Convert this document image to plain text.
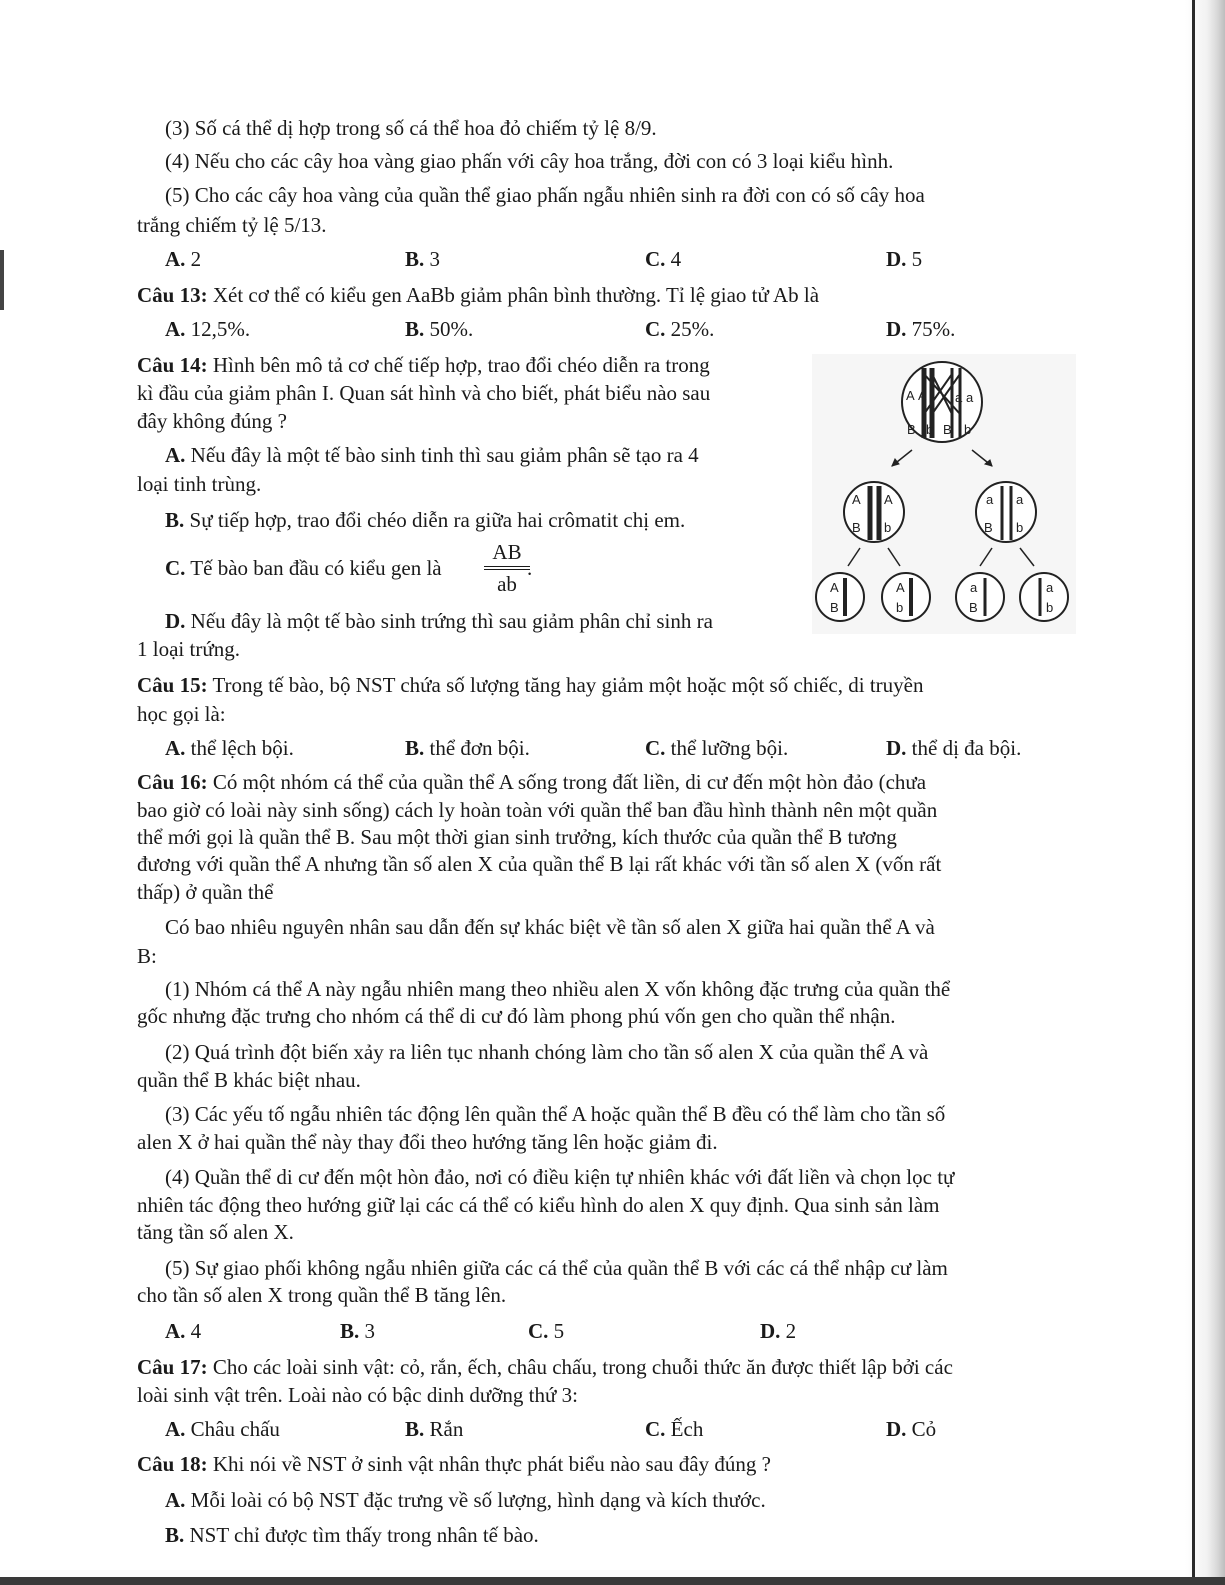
(3) Số cá thể dị hợp trong số cá thể hoa đỏ chiếm tỷ lệ 8/9.
(4) Nếu cho các cây hoa vàng giao phấn với cây hoa trắng, đời con có 3 loại kiểu hình.
(5) Cho các cây hoa vàng của quần thể giao phấn ngẫu nhiên sinh ra đời con có số cây hoa
trắng chiếm tỷ lệ 5/13.
A. 2	B. 3	C. 4	D. 5
Câu 13: Xét cơ thể có kiểu gen AaBb giảm phân bình thường. Tỉ lệ giao tử Ab là
A. 12,5%.	B. 50%.	C. 25%.	D. 75%.
Câu 14: Hình bên mô tả cơ chế tiếp hợp, trao đổi chéo diễn ra trong
kì đầu của giảm phân I. Quan sát hình và cho biết, phát biểu nào sau
đây không đúng ?
A. Nếu đây là một tế bào sinh tinh thì sau giảm phân sẽ tạo ra 4
loại tinh trùng.
B. Sự tiếp hợp, trao đổi chéo diễn ra giữa hai crômatit chị em.
C. Tế bào ban đầu có kiểu gen là
AB
ab
.
D. Nếu đây là một tế bào sinh trứng thì sau giảm phân chỉ sinh ra
1 loại trứng.
A A a a
B b B b
A A
B b
a a
B b
A
B
A
b
a
B
a
b
Câu 15: Trong tế bào, bộ NST chứa số lượng tăng hay giảm một hoặc một số chiếc, di truyền
học gọi là:
A. thể lệch bội.	B. thể đơn bội.	C. thể lưỡng bội.	D. thể dị đa bội.
Câu 16: Có một nhóm cá thể của quần thể A sống trong đất liền, di cư đến một hòn đảo (chưa
bao giờ có loài này sinh sống) cách ly hoàn toàn với quần thể ban đầu hình thành nên một quần
thể mới gọi là quần thể B. Sau một thời gian sinh trưởng, kích thước của quần thể B tương
đương với quần thể A nhưng tần số alen X của quần thể B lại rất khác với tần số alen X (vốn rất
thấp) ở quần thể
Có bao nhiêu nguyên nhân sau dẫn đến sự khác biệt về tần số alen X giữa hai quần thể A và
B:
(1) Nhóm cá thể A này ngẫu nhiên mang theo nhiều alen X vốn không đặc trưng của quần thể
gốc nhưng đặc trưng cho nhóm cá thể di cư đó làm phong phú vốn gen cho quần thể nhận.
(2) Quá trình đột biến xảy ra liên tục nhanh chóng làm cho tần số alen X của quần thể A và
quần thể B khác biệt nhau.
(3) Các yếu tố ngẫu nhiên tác động lên quần thể A hoặc quần thể B đều có thể làm cho tần số
alen X ở hai quần thể này thay đổi theo hướng tăng lên hoặc giảm đi.
(4) Quần thể di cư đến một hòn đảo, nơi có điều kiện tự nhiên khác với đất liền và chọn lọc tự
nhiên tác động theo hướng giữ lại các cá thể có kiểu hình do alen X quy định. Qua sinh sản làm
tăng tần số alen X.
(5) Sự giao phối không ngẫu nhiên giữa các cá thể của quần thể B với các cá thể nhập cư làm
cho tần số alen X trong quần thể B tăng lên.
A. 4	B. 3	C. 5	D. 2
Câu 17: Cho các loài sinh vật: cỏ, rắn, ếch, châu chấu, trong chuỗi thức ăn được thiết lập bởi các
loài sinh vật trên. Loài nào có bậc dinh dưỡng thứ 3:
A. Châu chấu	B. Rắn	C. Ếch	D. Cỏ
Câu 18: Khi nói về NST ở sinh vật nhân thực phát biểu nào sau đây đúng ?
A. Mỗi loài có bộ NST đặc trưng về số lượng, hình dạng và kích thước.
B. NST chỉ được tìm thấy trong nhân tế bào.
